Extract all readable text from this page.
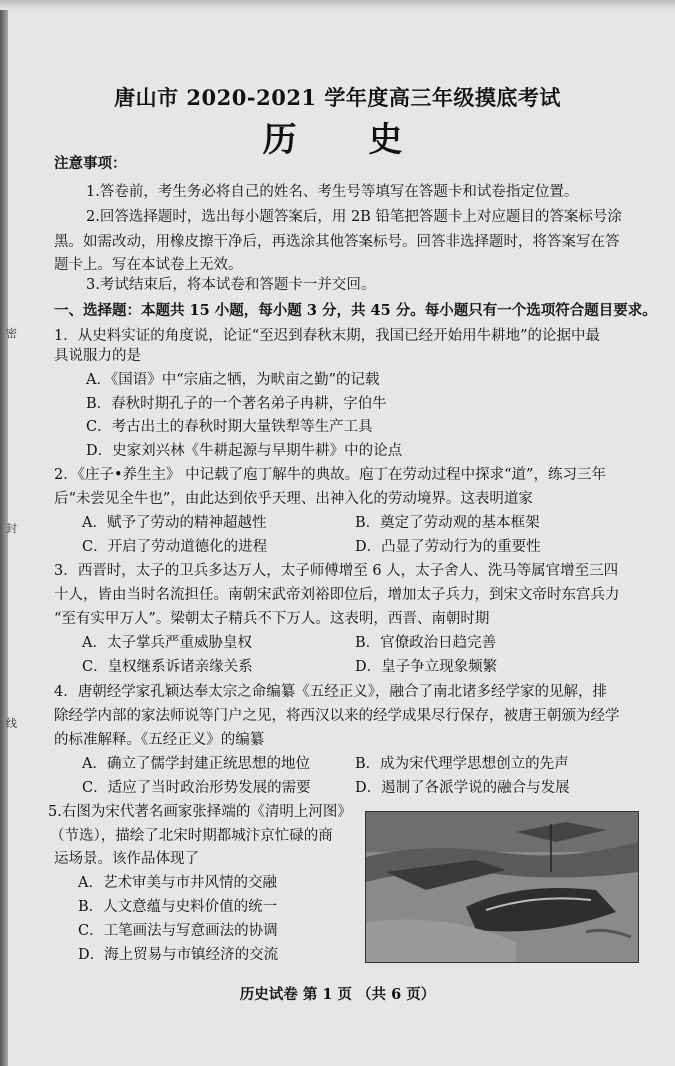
密
封
线
唐山市 2020-2021 学年度高三年级摸底考试
历 史
注意事项：
1.答卷前，考生务必将自己的姓名、考生号等填写在答题卡和试卷指定位置。
2.回答选择题时，选出每小题答案后，用 2B 铅笔把答题卡上对应题目的答案标号涂
黑。如需改动，用橡皮擦干净后，再选涂其他答案标号。回答非选择题时，将答案写在答
题卡上。写在本试卷上无效。
3.考试结束后，将本试卷和答题卡一并交回。
一、选择题：本题共 15 小题，每小题 3 分，共 45 分。每小题只有一个选项符合题目要求。
1．从史料实证的角度说，论证“至迟到春秋末期，我国已经开始用牛耕地”的论据中最
具说服力的是
A．《国语》中“宗庙之牺，为畎亩之勤”的记载
B．春秋时期孔子的一个著名弟子冉耕，字伯牛
C．考古出土的春秋时期大量铁犁等生产工具
D．史家刘兴林《牛耕起源与早期牛耕》中的论点
2．《庄子•养生主》 中记载了庖丁解牛的典故。庖丁在劳动过程中探求“道”，练习三年
后“未尝见全牛也”，由此达到依乎天理、出神入化的劳动境界。这表明道家
A．赋予了劳动的精神超越性	B．奠定了劳动观的基本框架
C．开启了劳动道德化的进程	D．凸显了劳动行为的重要性
3．西晋时，太子的卫兵多达万人，太子师傅增至 6 人，太子舍人、洗马等属官增至三四
十人，皆由当时名流担任。南朝宋武帝刘裕即位后，增加太子兵力，到宋文帝时东宫兵力
“至有实甲万人”。梁朝太子精兵不下万人。这表明，西晋、南朝时期
A．太子掌兵严重威胁皇权	B．官僚政治日趋完善
C．皇权继系诉诸亲缘关系	D．皇子争立现象频繁
4．唐朝经学家孔颖达奉太宗之命编纂《五经正义》，融合了南北诸多经学家的见解，排
除经学内部的家法师说等门户之见，将西汉以来的经学成果尽行保存，被唐王朝颁为经学
的标准解释。《五经正义》的编纂
A．确立了儒学封建正统思想的地位	B．成为宋代理学思想创立的先声
C．适应了当时政治形势发展的需要	D．遏制了各派学说的融合与发展
5.右图为宋代著名画家张择端的《清明上河图》
（节选），描绘了北宋时期都城汴京忙碌的商
运场景。该作品体现了
A．艺术审美与市井风情的交融
B．人文意蕴与史料价值的统一
C．工笔画法与写意画法的协调
D．海上贸易与市镇经济的交流
历史试卷 第 1 页 （共 6 页）
